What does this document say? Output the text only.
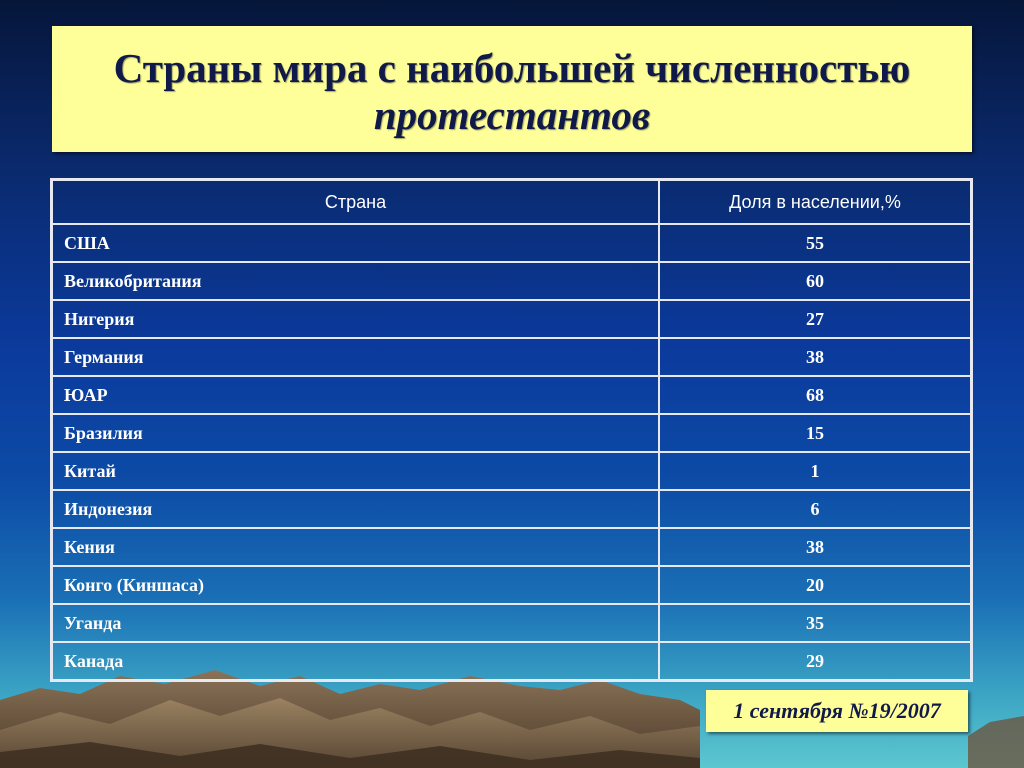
Страны мира с наибольшей численностью
протестантов
Страна	Доля в населении,%
США	55
Великобритания	60
Нигерия	27
Германия	38
ЮАР	68
Бразилия	15
Китай	1
Индонезия	6
Кения	38
Конго (Киншаса)	20
Уганда	35
Канада	29
1 сентября №19/2007
